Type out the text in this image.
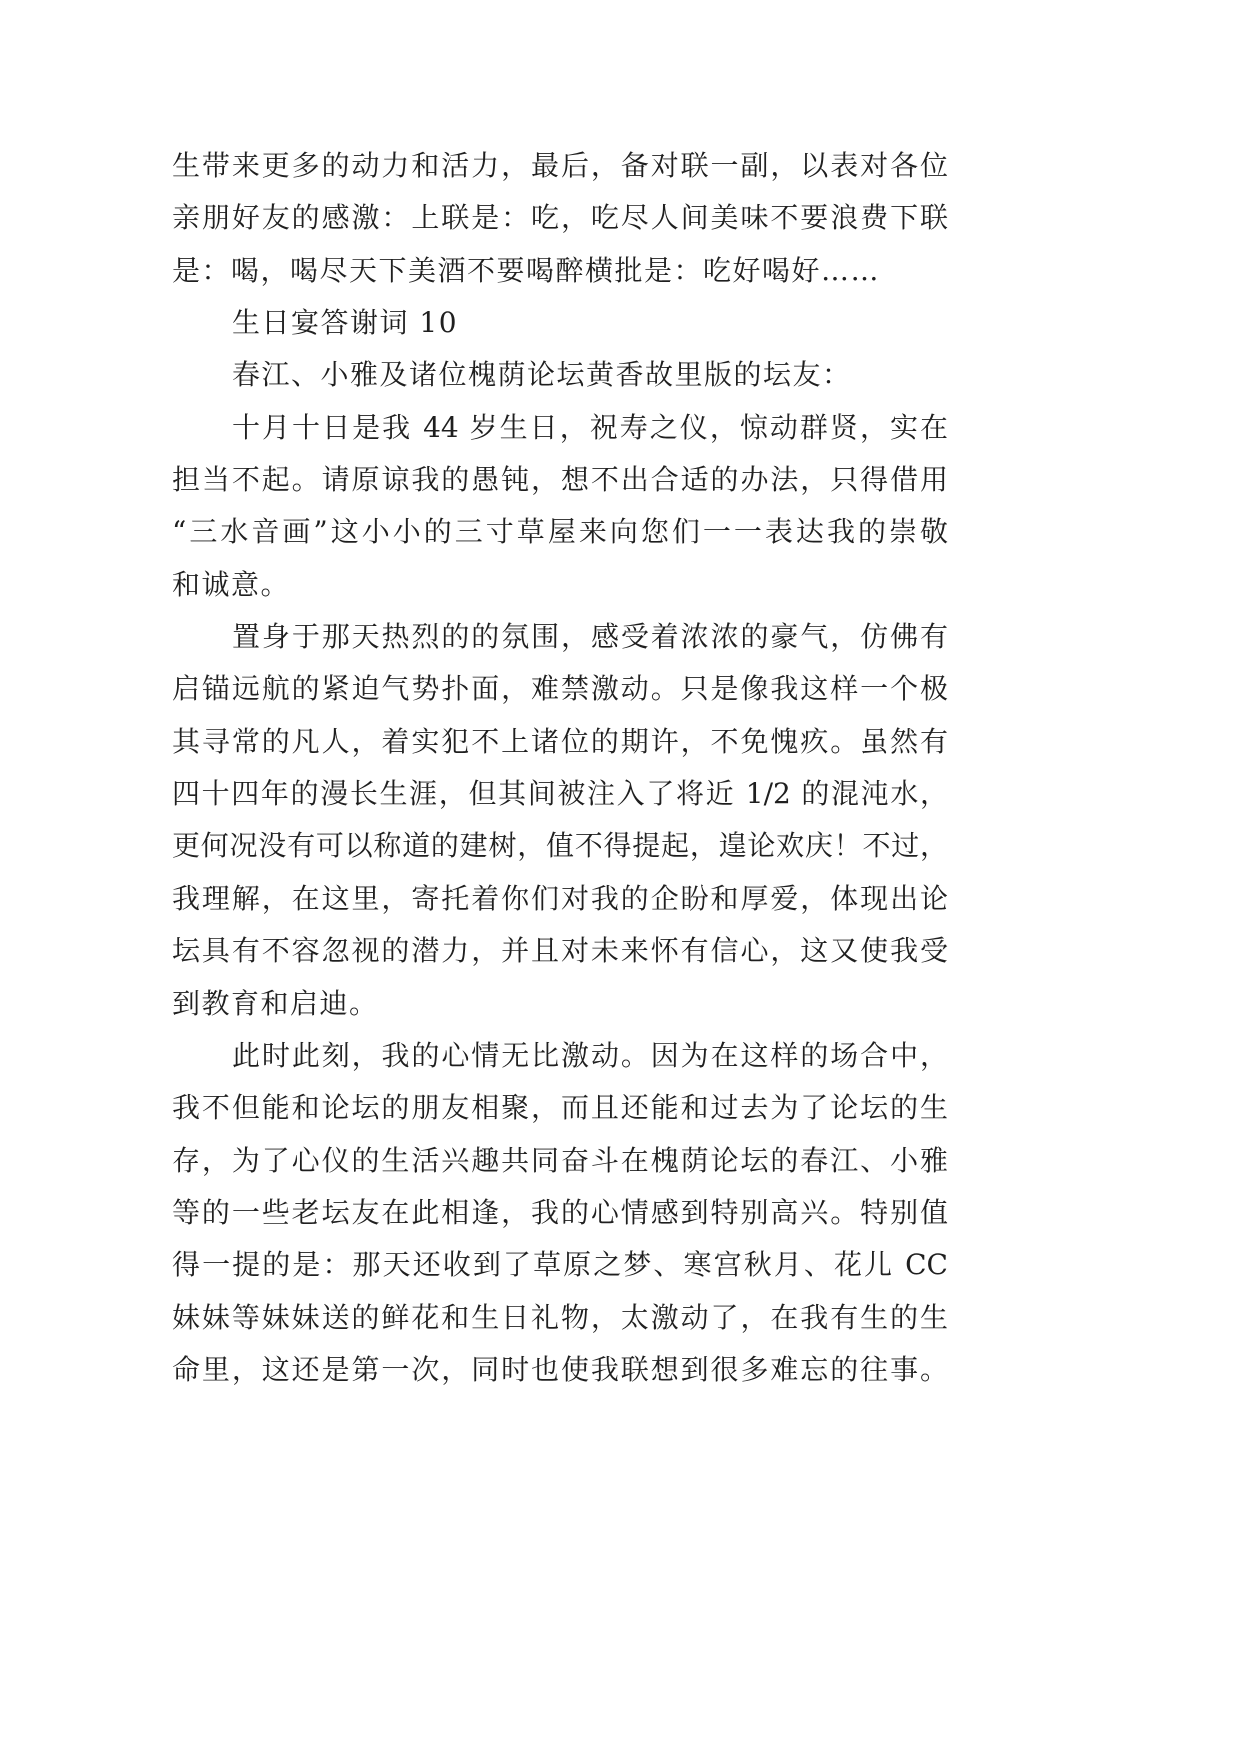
生带来更多的动力和活力，最后，备对联一副，以表对各位
亲朋好友的感激：上联是：吃，吃尽人间美味不要浪费下联
是：喝，喝尽天下美酒不要喝醉横批是：吃好喝好……
生日宴答谢词 10
春江、小雅及诸位槐荫论坛黄香故里版的坛友：
十月十日是我 44 岁生日，祝寿之仪，惊动群贤，实在
担当不起。请原谅我的愚钝，想不出合适的办法，只得借用
“三水音画”这小小的三寸草屋来向您们一一表达我的崇敬
和诚意。
置身于那天热烈的的氛围，感受着浓浓的豪气，仿佛有
启锚远航的紧迫气势扑面，难禁激动。只是像我这样一个极
其寻常的凡人，着实犯不上诸位的期许，不免愧疚。虽然有
四十四年的漫长生涯，但其间被注入了将近 1/2 的混沌水，
更何况没有可以称道的建树，值不得提起，遑论欢庆！不过，
我理解，在这里，寄托着你们对我的企盼和厚爱，体现出论
坛具有不容忽视的潜力，并且对未来怀有信心，这又使我受
到教育和启迪。
此时此刻，我的心情无比激动。因为在这样的场合中，
我不但能和论坛的朋友相聚，而且还能和过去为了论坛的生
存，为了心仪的生活兴趣共同奋斗在槐荫论坛的春江、小雅
等的一些老坛友在此相逢，我的心情感到特别高兴。特别值
得一提的是：那天还收到了草原之梦、寒宫秋月、花儿 CC
妹妹等妹妹送的鲜花和生日礼物，太激动了，在我有生的生
命里，这还是第一次，同时也使我联想到很多难忘的往事。
